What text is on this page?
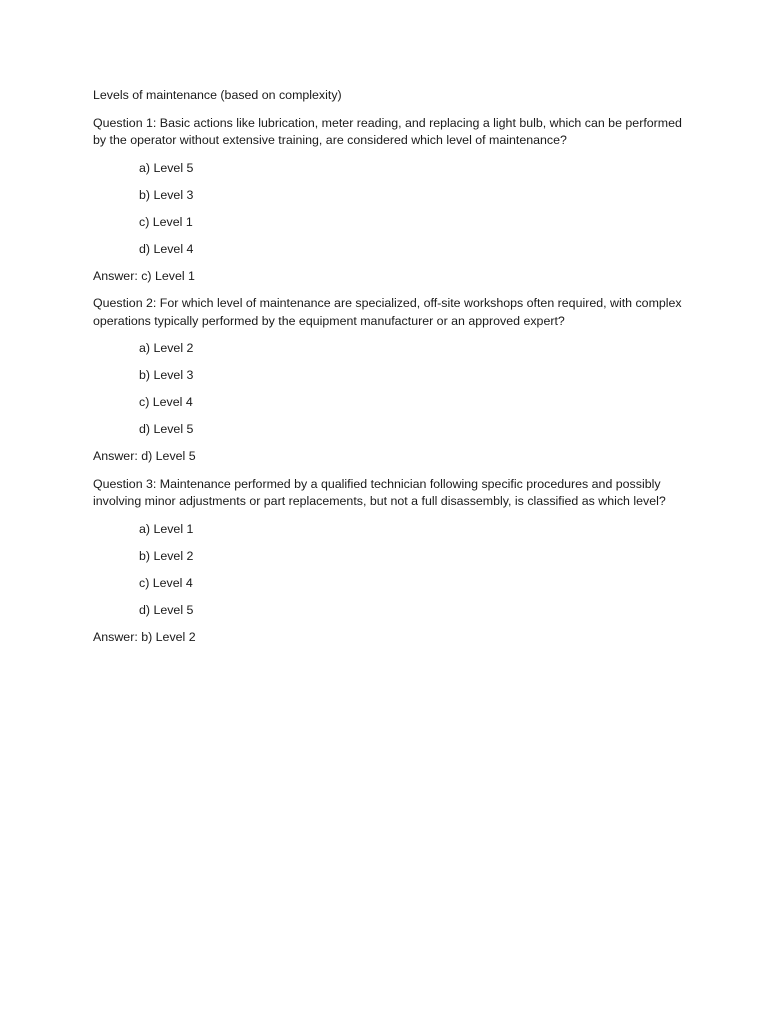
Levels of maintenance (based on complexity)

Question 1: Basic actions like lubrication, meter reading, and replacing a light bulb, which can be performed by the operator without extensive training, are considered which level of maintenance?

a) Level 5

b) Level 3

c) Level 1

d) Level 4

Answer: c) Level 1

Question 2: For which level of maintenance are specialized, off-site workshops often required, with complex operations typically performed by the equipment manufacturer or an approved expert?

a) Level 2

b) Level 3

c) Level 4

d) Level 5

Answer: d) Level 5

Question 3: Maintenance performed by a qualified technician following specific procedures and possibly involving minor adjustments or part replacements, but not a full disassembly, is classified as which level?

a) Level 1

b) Level 2

c) Level 4

d) Level 5

Answer: b) Level 2
